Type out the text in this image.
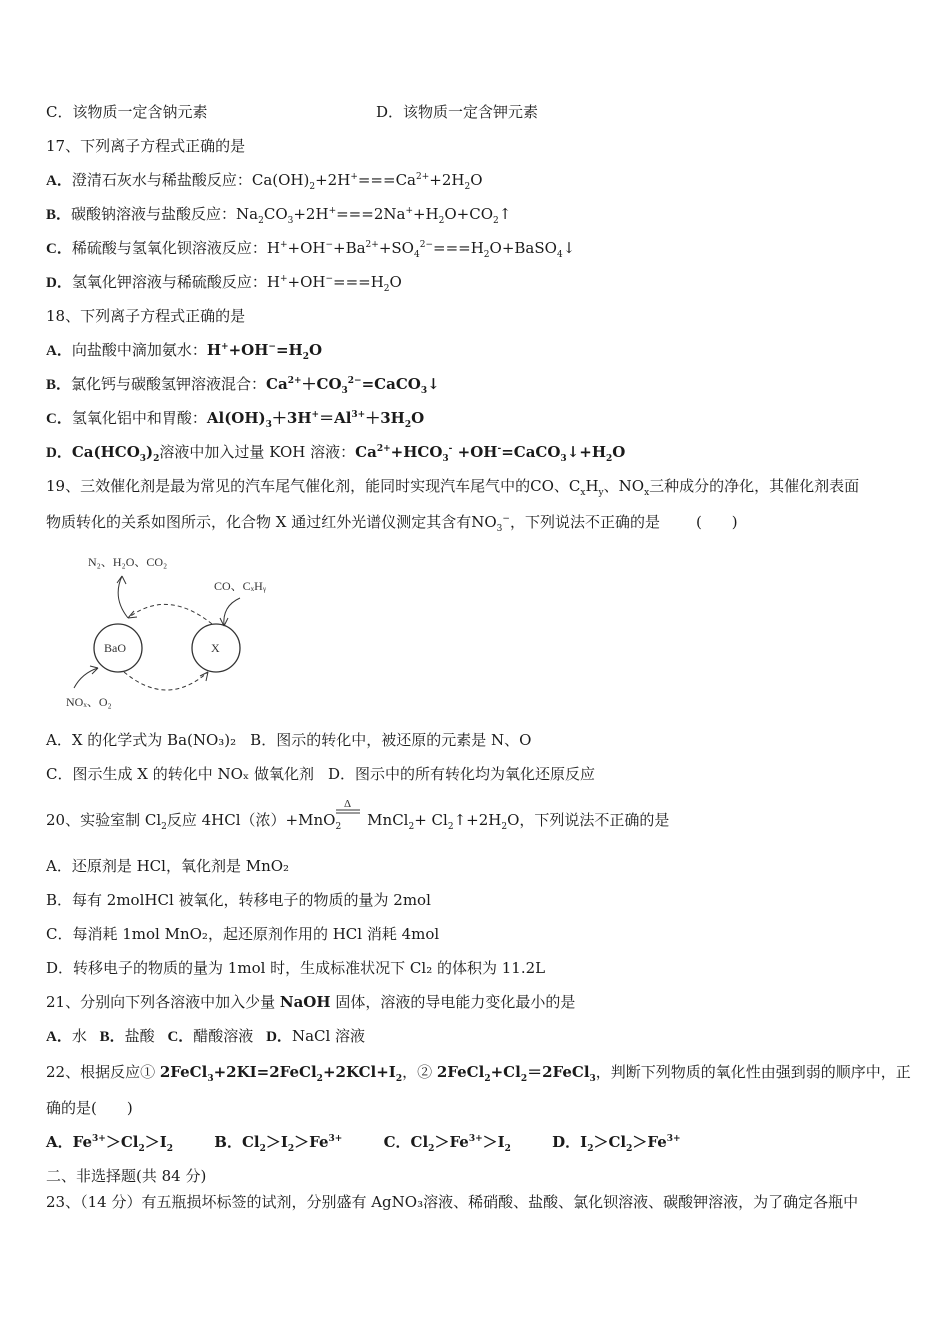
C．该物质一定含钠元素	D．该物质一定含钾元素
17、下列离子方程式正确的是
A．澄清石灰水与稀盐酸反应：$Ca(OH)_2+2H^+===Ca^{2+}+2H_2O$
B．碳酸钠溶液与盐酸反应：$Na_2CO_3+2H^+===2Na^++H_2O+CO_2↑$
C．稀硫酸与氢氧化钡溶液反应：$H^++OH^-+Ba^{2+}+SO_4^{2-}===H_2O+BaSO_4↓$
D．氢氧化钾溶液与稀硫酸反应：$H^++OH^-===H_2O$
18、下列离子方程式正确的是
A．向盐酸中滴加氨水：$H^++OH^-=H_2O$
B．氯化钙与碳酸氢钾溶液混合：$Ca^{2+}+CO_3^{2-}=CaCO_3↓$
C．氢氧化铝中和胃酸：$Al(OH)_3+3H^+=Al^{3+}+3H_2O$
D．$Ca(HCO_3)_2$溶液中加入过量 KOH 溶液：$Ca^{2+}+HCO_3^-$ $+OH^-=CaCO_3↓+H_2O$
19、三效催化剂是最为常见的汽车尾气催化剂，能同时实现汽车尾气中的CO、$C_xH_y$、$NO_x$三种成分的净化，其催化剂表面
物质转化的关系如图所示，化合物 X 通过红外光谱仪测定其含有$NO_3^-$，下列说法不正确的是 (　　)
N₂、H₂O、CO₂
CO、CₓHᵧ
NOₓ、O₂
BaO	X
A．X 的化学式为 Ba(NO₃)₂ B．图示的转化中，被还原的元素是 N、O
C．图示生成 X 的转化中 NOₓ 做氧化剂 D．图示中的所有转化均为氧化还原反应
Δ
20、实验室制 $Cl_2$反应 4HCl（浓）+MnO$_2$ MnCl$_2$+ $Cl_2↑+2H_2O$，下列说法不正确的是
A．还原剂是 HCl，氧化剂是 MnO₂
B．每有 2molHCl 被氧化，转移电子的物质的量为 2mol
C．每消耗 1mol MnO₂，起还原剂作用的 HCl 消耗 4mol
D．转移电子的物质的量为 1mol 时，生成标准状况下 Cl₂ 的体积为 11.2L
21、分别向下列各溶液中加入少量 NaOH 固体，溶液的导电能力变化最小的是
A．水 B．盐酸 C．醋酸溶液 D．NaCl 溶液
22、根据反应① $2FeCl_3+2KI=2FeCl_2+2KCl+I_2$，② $2FeCl_2+Cl_2=2FeCl_3$，判断下列物质的氧化性由强到弱的顺序中，正
确的是(　　)
A．$Fe^{3+}>Cl_2>I_2$	B．$Cl_2>I_2>Fe^{3+}$	C．$Cl_2>Fe^{3+}>I_2$	D．$I_2>Cl_2>Fe^{3+}$
二、非选择题(共 84 分)
23、（14 分）有五瓶损坏标签的试剂，分别盛有 AgNO₃溶液、稀硝酸、盐酸、氯化钡溶液、碳酸钾溶液，为了确定各瓶中
